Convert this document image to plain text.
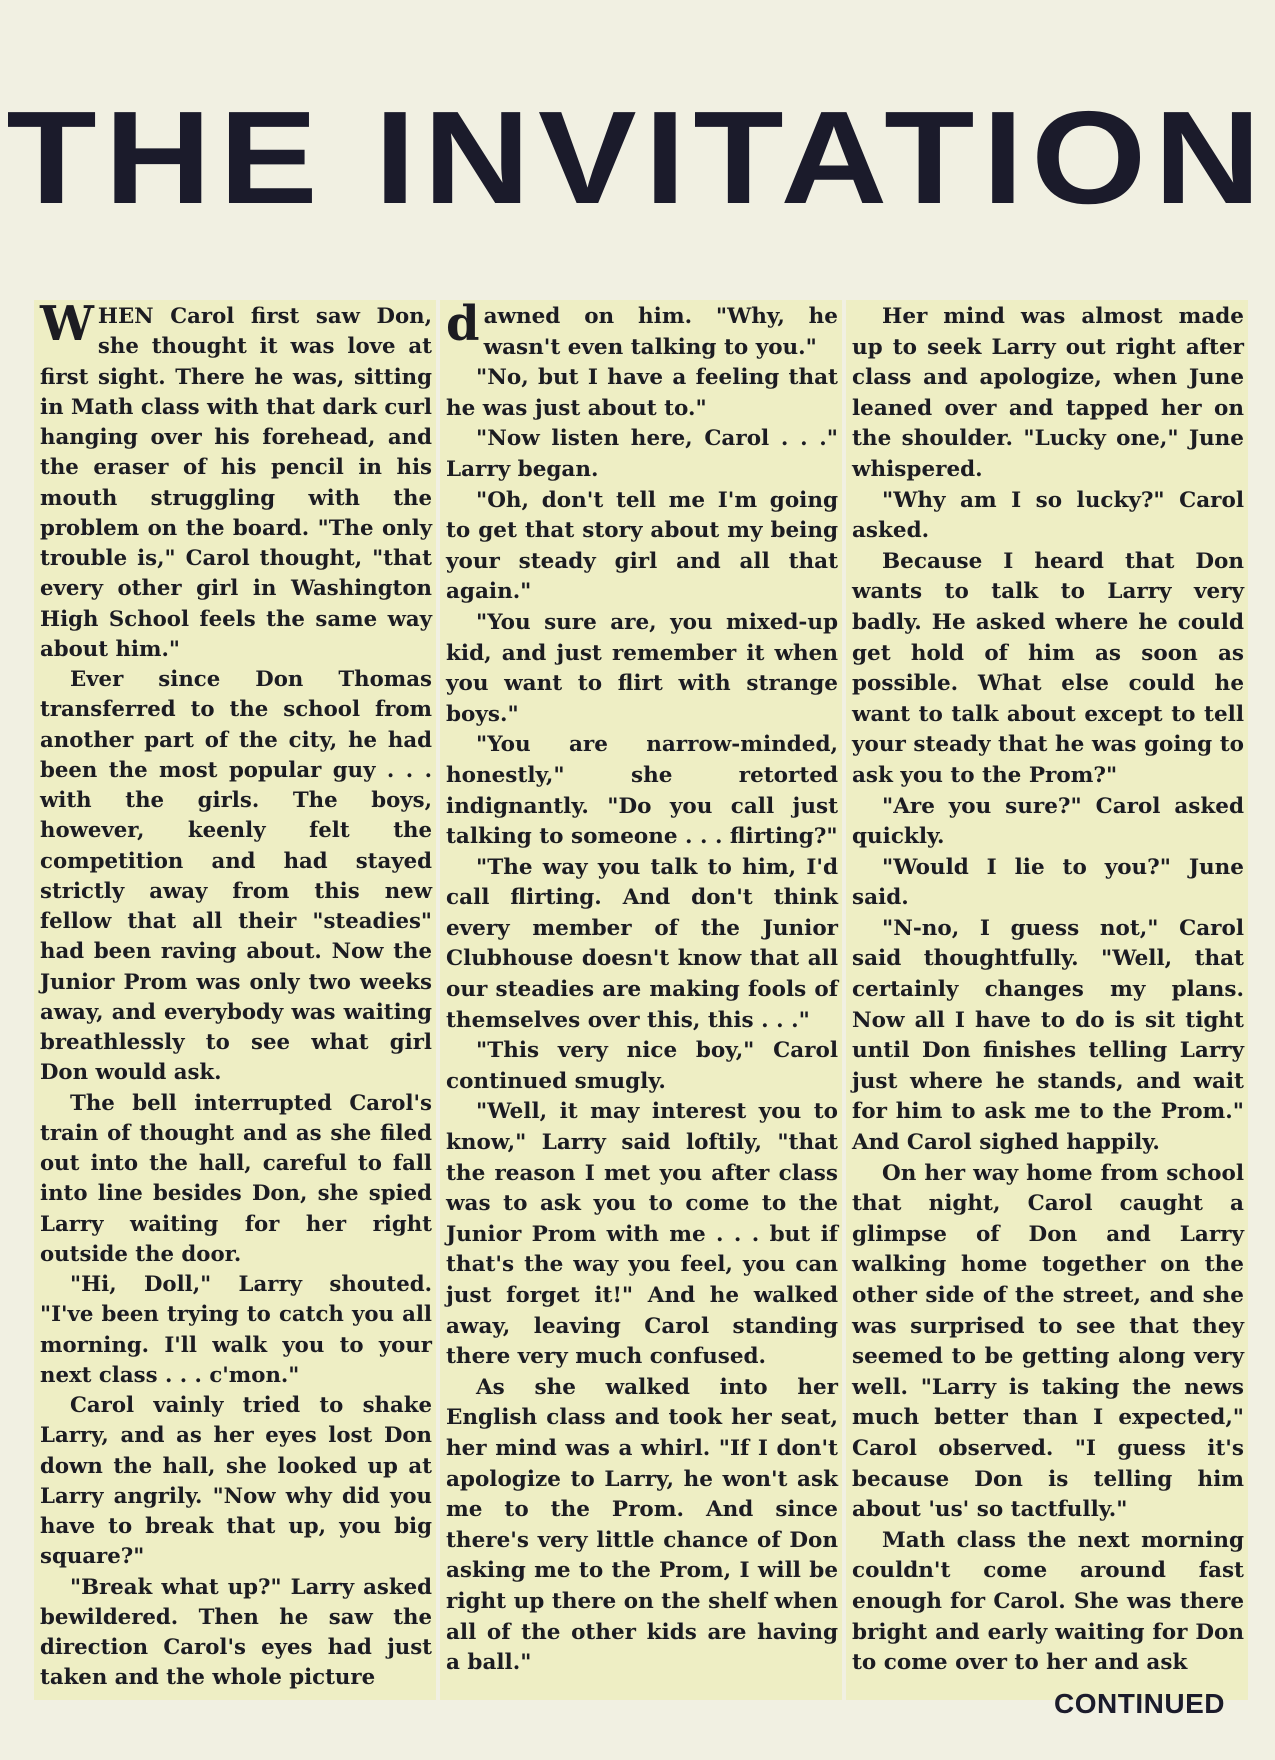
THE INVITATION

WHEN Carol first saw Don, she thought it was love at first sight. There he was, sitting in Math class with that dark curl hanging over his forehead, and the eraser of his pencil in his mouth struggling with the problem on the board. "The only trouble is," Carol thought, "that every other girl in Washington High School feels the same way about him."

Ever since Don Thomas transferred to the school from another part of the city, he had been the most popular guy . . . with the girls. The boys, however, keenly felt the competition and had stayed strictly away from this new fellow that all their "steadies" had been raving about. Now the Junior Prom was only two weeks away, and everybody was waiting breathlessly to see what girl Don would ask.

The bell interrupted Carol's train of thought and as she filed out into the hall, careful to fall into line besides Don, she spied Larry waiting for her right outside the door.

"Hi, Doll," Larry shouted. "I've been trying to catch you all morning. I'll walk you to your next class . . . c'mon."

Carol vainly tried to shake Larry, and as her eyes lost Don down the hall, she looked up at Larry angrily. "Now why did you have to break that up, you big square?"

"Break what up?" Larry asked bewildered. Then he saw the direction Carol's eyes had just taken and the whole picture

dawned on him. "Why, he wasn't even talking to you."

"No, but I have a feeling that he was just about to."

"Now listen here, Carol . . ." Larry began.

"Oh, don't tell me I'm going to get that story about my being your steady girl and all that again."

"You sure are, you mixed-up kid, and just remember it when you want to flirt with strange boys."

"You are narrow-minded, honestly," she retorted indignantly. "Do you call just talking to someone . . . flirting?"

"The way you talk to him, I'd call flirting. And don't think every member of the Junior Clubhouse doesn't know that all our steadies are making fools of themselves over this, this . . ."

"This very nice boy," Carol continued smugly.

"Well, it may interest you to know," Larry said loftily, "that the reason I met you after class was to ask you to come to the Junior Prom with me . . . but if that's the way you feel, you can just forget it!" And he walked away, leaving Carol standing there very much confused.

As she walked into her English class and took her seat, her mind was a whirl. "If I don't apologize to Larry, he won't ask me to the Prom. And since there's very little chance of Don asking me to the Prom, I will be right up there on the shelf when all of the other kids are having a ball."

Her mind was almost made up to seek Larry out right after class and apologize, when June leaned over and tapped her on the shoulder. "Lucky one," June whispered.

"Why am I so lucky?" Carol asked.

Because I heard that Don wants to talk to Larry very badly. He asked where he could get hold of him as soon as possible. What else could he want to talk about except to tell your steady that he was going to ask you to the Prom?"

"Are you sure?" Carol asked quickly.

"Would I lie to you?" June said.

"N-no, I guess not," Carol said thoughtfully. "Well, that certainly changes my plans. Now all I have to do is sit tight until Don finishes telling Larry just where he stands, and wait for him to ask me to the Prom." And Carol sighed happily.

On her way home from school that night, Carol caught a glimpse of Don and Larry walking home together on the other side of the street, and she was surprised to see that they seemed to be getting along very well. "Larry is taking the news much better than I expected," Carol observed. "I guess it's because Don is telling him about 'us' so tactfully."

Math class the next morning couldn't come around fast enough for Carol. She was there bright and early waiting for Don to come over to her and ask

CONTINUED
